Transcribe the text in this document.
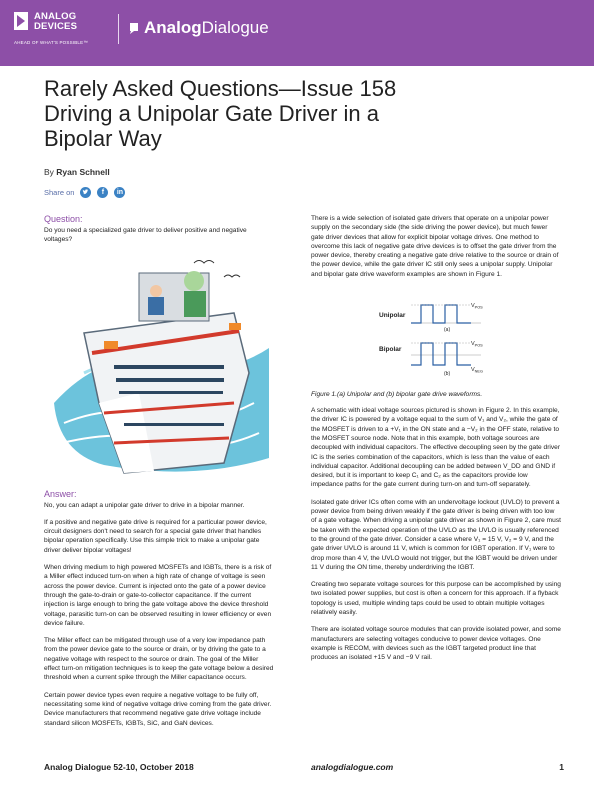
ANALOG
DEVICES
AHEAD OF WHAT'S POSSIBLE™
AnalogDialogue
Rarely Asked Questions—Issue 158
Driving a Unipolar Gate Driver in a
Bipolar Way
By Ryan Schnell
Share on	f	in
Question:

Do you need a specialized gate driver to deliver positive and negative voltages?

Answer:

No, you can adapt a unipolar gate driver to drive in a bipolar manner.

If a positive and negative gate drive is required for a particular power device, circuit designers don't need to search for a special gate driver that handles bipolar operation specifically. Use this simple trick to make a unipolar gate driver deliver bipolar voltages!

When driving medium to high powered MOSFETs and IGBTs, there is a risk of a Miller effect induced turn-on when a high rate of change of voltage is seen across the power device. Current is injected onto the gate of a power device through the gate-to-drain or gate-to-collector capacitance. If the current injection is large enough to bring the gate voltage above the device threshold voltage, parasitic turn-on can be observed resulting in lower efficiency or even device failure.

The Miller effect can be mitigated through use of a very low impedance path from the power device gate to the source or drain, or by driving the gate to a negative voltage with respect to the source or drain. The goal of the Miller effect turn-on mitigation techniques is to keep the gate voltage below a desired threshold when a current spike through the Miller capacitance occurs.

Certain power device types even require a negative voltage to be fully off, necessitating some kind of negative voltage drive coming from the gate driver. Device manufacturers that recommend negative gate drive voltage include standard silicon MOSFETs, IGBTs, SiC, and GaN devices.

There is a wide selection of isolated gate drivers that operate on a unipolar power supply on the secondary side (the side driving the power device), but much fewer gate driver devices that allow for explicit bipolar voltage drives. One method to overcome this lack of negative gate drive devices is to offset the gate driver from the power device, thereby creating a negative gate drive relative to the source or drain of the power device, while the gate driver IC still only sees a unipolar supply. Unipolar and bipolar gate drive waveform examples are shown in Figure 1.

Unipolar
$V_{POS}$
(a)
Bipolar
$V_{POS}$
$V_{NEG}$
(b)
Figure 1.(a) Unipolar and (b) bipolar gate drive waveforms.

A schematic with ideal voltage sources pictured is shown in Figure 2. In this example, the driver IC is powered by a voltage equal to the sum of V₁ and V₂, while the gate of the MOSFET is driven to a +V₁ in the ON state and a −V₂ in the OFF state, relative to the MOSFET source node. Note that in this example, both voltage sources are decoupled with individual capacitors. The effective decoupling seen by the gate driver IC is the series combination of the capacitors, which is less than the value of each individual capacitor. Additional decoupling can be added between V_DD and GND if desired, but it is important to keep C₁ and C₂ as the capacitors provide low impedance paths for the gate current during turn-on and turn-off separately.

Isolated gate driver ICs often come with an undervoltage lockout (UVLO) to prevent a power device from being driven weakly if the gate driver is being driven with too low of a gate voltage. When driving a unipolar gate driver as shown in Figure 2, care must be taken with the expected operation of the UVLO as the UVLO is usually referenced to the ground of the gate driver. Consider a case where V₁ = 15 V, V₂ = 9 V, and the gate driver UVLO is around 11 V, which is common for IGBT operation. If V₁ were to drop more than 4 V, the UVLO would not trigger, but the IGBT would be driven under 11 V during the ON time, thereby underdriving the IGBT.

Creating two separate voltage sources for this purpose can be accomplished by using two isolated power supplies, but cost is often a concern for this approach. If a flyback topology is used, multiple winding taps could be used to obtain multiple voltages relatively easily.

There are isolated voltage source modules that can provide isolated power, and some manufacturers are selecting voltages conducive to power device voltages. One example is RECOM, with devices such as the IGBT targeted product line that produces an isolated +15 V and −9 V rail.

Analog Dialogue 52-10, October 2018	analogdialogue.com	1
